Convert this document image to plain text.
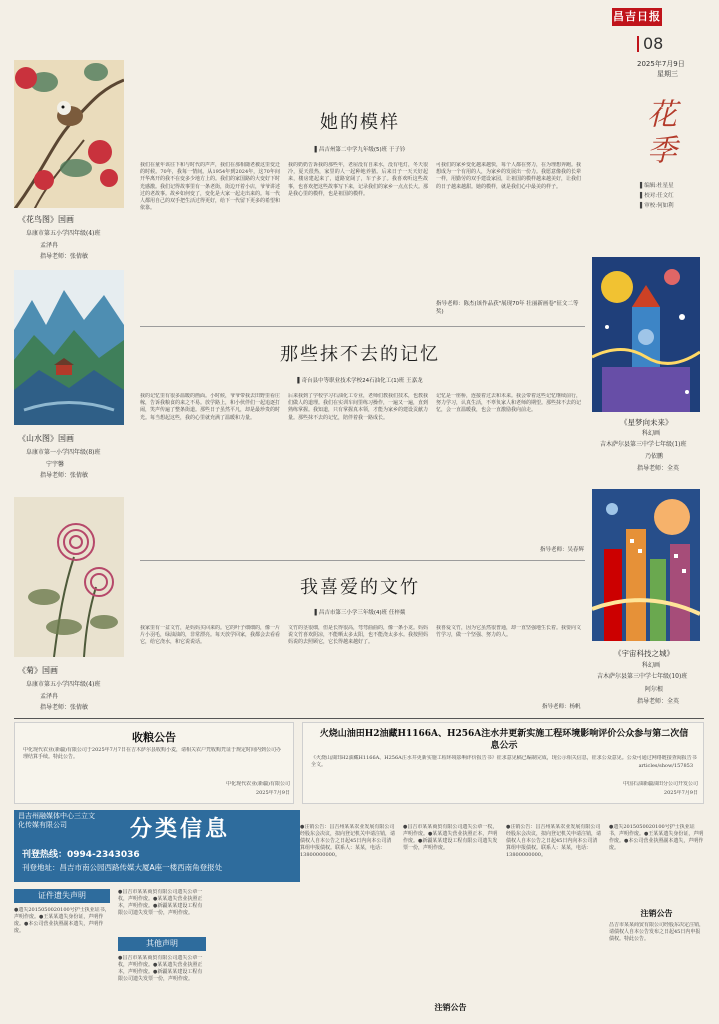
昌吉日报
08
2025年7月9日
星期三
花季
▌编辑:杜星星
▌校对:任文红
▌审校:何如利
《花鸟图》国画
阜康市第五小学四年级(4)班
孟泽冉
指导老师：张倩敏
《山水图》国画
阜康市第一小学四年级(8)班
宁宇馨
指导老师：张倩敏
《菊》国画
阜康市第五小学四年级(4)班
孟泽冉
指导老师：张倩敏
《星梦向未来》
科幻画
吉木萨尔县第三中学七年级(1)班
乃依鹏
指导老师：全英
《宇宙科技之城》
科幻画
吉木萨尔县第三中学七年级(10)班
阿尔根
指导老师：全英
她的模样
▌昌吉州第二中学九年级(5)班 于子钤
我们在童年该往下和与时代的声声，我们在那相随老被这里变迁的时候。70年，我每一情间。从1954年到2024年，这70年间开华离开的我不在变多少地方上的。我们的家国路的大变好下时光感激。我们记得故事里有一条老街，街边开着小店，爷爷讲述过的老故事。故乡如何变了，变化是大家一起走出来的。每一代人都用自己的双手把生活过得更好，给下一代留下更多的希望和依靠。
我的奶奶告诉我的那些年，老屋没有自来水，没有电灯，冬天很冷，夏天很热，家里的人一起种地养猪。后来日子一天天好起来，楼房建起来了，道路宽阔了，车子多了。我喜欢听这些故事，也喜欢把这些故事写下来，记录我们的家乡一点点长大。那是我心里的模样，也是祖国的模样。
可我们的家乡变化越来越快，每个人都在努力，在为理想奔跑。我想成为一个有用的人，为家乡的发展出一份力。我愿意像我的长辈一样，用勤劳的双手建设家园，让祖国的模样越来越美好，让我们的日子越来越甜。她的模样，就是我们心中最美的样子。
指导老师：陈杰(该作品获"展现70年 壮丽新画卷"征文二等奖)
那些抹不去的记忆
▌奇台县中等职业技术学校24石油化工(1)班 王嘉龙
我的记忆里有很多温暖的画面。小时候，爷爷带我去田野里看庄稼，告诉我粮食的来之不易。放学路上，和小伙伴们一起追逐打闹，笑声传遍了整条街道。那些日子虽然平凡，却是最珍贵的时光。每当想起这些，我的心里就充满了温暖和力量。
后来我到了学校学习石油化工专业，老师们教我们技术，也教我们做人的道理。我们在实训车间里练习操作，一遍又一遍，直到熟练掌握。我知道，只有掌握真本领，才能为家乡的建设贡献力量。那些抹不去的记忆，陪伴着我一路成长。
记忆是一座桥，连接着过去和未来。我会带着这些记忆继续前行，努力学习，认真生活，不辜负家人和老师的期望。那些抹不去的记忆，会一直温暖我，也会一直激励我向前走。
指导老师：吴春辉
我喜爱的文竹
▌昌吉市第三小学三年级(4)班 任梓燚
我家里有一盆文竹，是妈妈买回来的。它的叶子细细的，像一片片小羽毛，绿油油的，非常漂亮。每天放学回家，我都会去看看它，给它浇水，和它说说话。
文竹的茎很细，但是长得很高，弯弯曲曲的，像一条小龙。妈妈说文竹喜欢阴凉，不能晒太多太阳，也不能浇太多水。我按照妈妈说的去照顾它，它长得越来越好了。
我喜爱文竹，因为它虽然很普通，却一直坚强地生长着。我要向文竹学习，做一个坚强、努力的人。
指导老师：杨帆
收粮公告
中化现代农业(新疆)有限公司于2025年7月7日在吉木萨尔县收购小麦，请相关农户凭收购凭证于规定时间内到公司办理结算手续。特此公告。
中化现代农业(新疆)有限公司
2025年7月9日
火烧山油田H2油藏H1166A、H256A注水井更新实施工程环境影响评价公众参与第二次信息公示
《火烧山油田H2油藏H1166A、H256A注水井更新实施工程环境影响评价报告书》征求意见稿已编制完成，现公示相关信息，征求公众意见。公众可通过网络链接查阅报告书全文。	articles/show/157853
中国石油新疆油田分公司开发公司
2025年7月9日
昌吉州融媒体中心三立文化传媒有限公司	分类信息
刊登热线：0994-2343036
刊登地址：昌吉市南公园西路传媒大厦A座一楼西南角登报处
证件遗失声明
●遗失2015050020100号护士执业证书，声明作废。●王某某遗失身份证，声明作废。●本公司营业执照副本遗失，声明作废。
●昌吉市某某商贸有限公司遗失公章一枚，声明作废。●某某遗失营业执照正本，声明作废。●新疆某某建设工程有限公司遗失发票一份，声明作废。
其他声明
●昌吉市某某商贸有限公司遗失公章一枚，声明作废。●某某遗失营业执照正本，声明作废。●新疆某某建设工程有限公司遗失发票一份，声明作废。
●注销公告：昌吉州某某农业发展有限公司经股东会决议，拟向登记机关申请注销，请债权人自本公告之日起45日内向本公司清算组申报债权。联系人：某某，电话：13800000000。
●昌吉市某某商贸有限公司遗失公章一枚，声明作废。●某某遗失营业执照正本，声明作废。●新疆某某建设工程有限公司遗失发票一份，声明作废。
注销公告
●注销公告：昌吉州某某农业发展有限公司经股东会决议，拟向登记机关申请注销，请债权人自本公告之日起45日内向本公司清算组申报债权。联系人：某某，电话：13800000000。
●遗失2015050020100号护士执业证书，声明作废。●王某某遗失身份证，声明作废。●本公司营业执照副本遗失，声明作废。
注销公告
昌吉市某某商贸有限公司经股东决定注销，请债权人自本公告发布之日起45日内申报债权。特此公告。
